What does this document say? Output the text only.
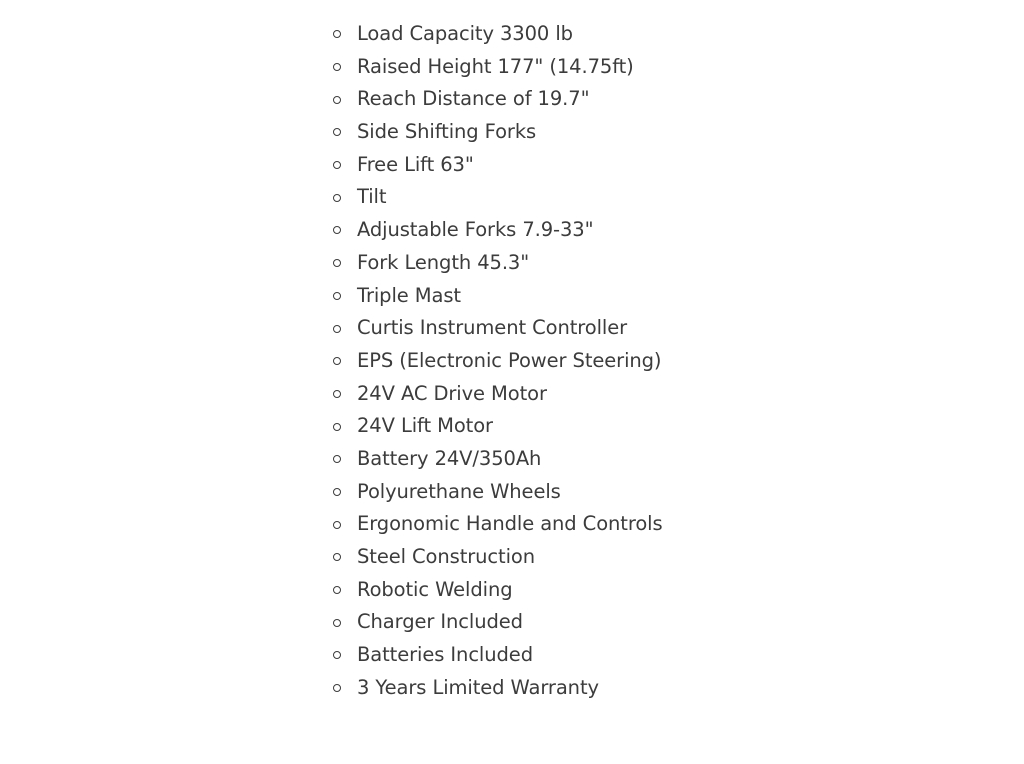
Load Capacity 3300 lb
Raised Height 177" (14.75ft)
Reach Distance of 19.7"
Side Shifting Forks
Free Lift 63"
Tilt
Adjustable Forks 7.9-33"
Fork Length 45.3"
Triple Mast
Curtis Instrument Controller
EPS (Electronic Power Steering)
24V AC Drive Motor
24V Lift Motor
Battery 24V/350Ah
Polyurethane Wheels
Ergonomic Handle and Controls
Steel Construction
Robotic Welding
Charger Included
Batteries Included
3 Years Limited Warranty
